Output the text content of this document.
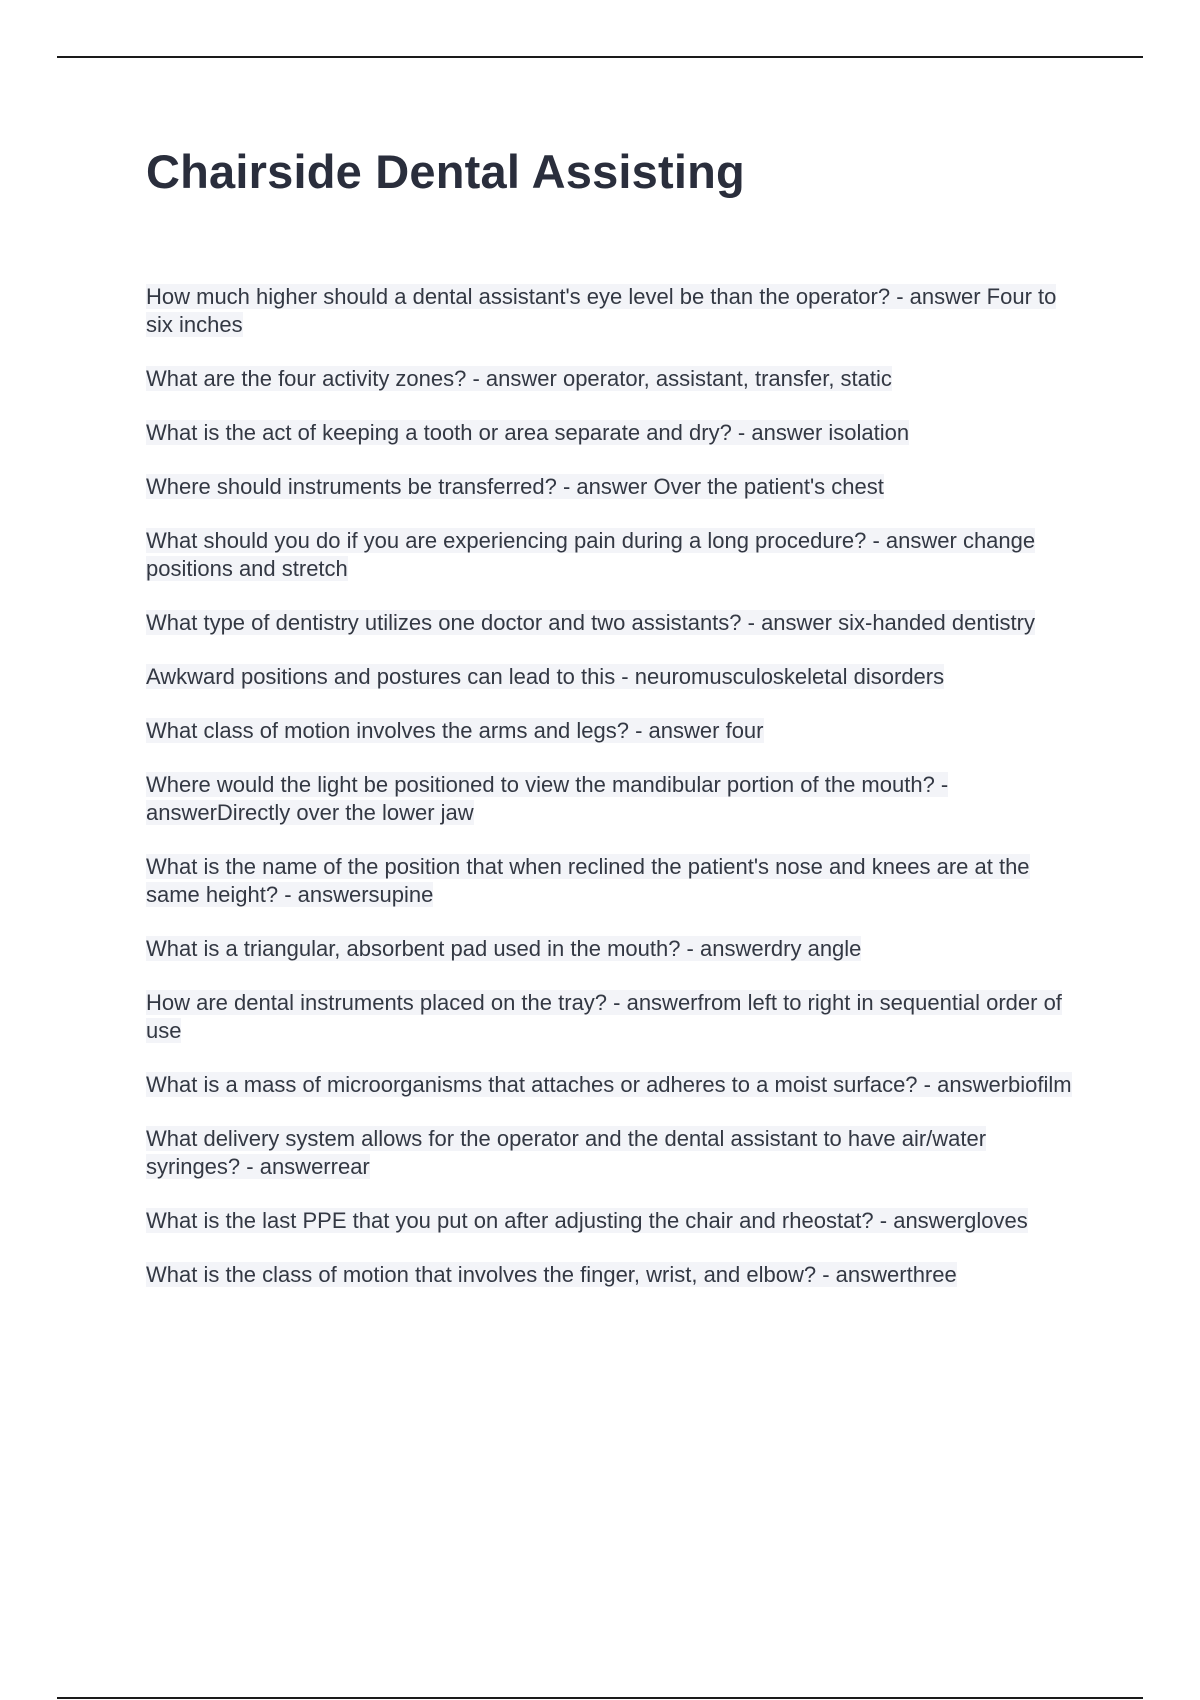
Chairside Dental Assisting
How much higher should a dental assistant's eye level be than the operator? - answer Four to six inches
What are the four activity zones? - answer operator, assistant, transfer, static
What is the act of keeping a tooth or area separate and dry? - answer isolation
Where should instruments be transferred? - answer Over the patient's chest
What should you do if you are experiencing pain during a long procedure? - answer change positions and stretch
What type of dentistry utilizes one doctor and two assistants? - answer six-handed dentistry
Awkward positions and postures can lead to this - neuromusculoskeletal disorders
What class of motion involves the arms and legs? - answer four
Where would the light be positioned to view the mandibular portion of the mouth? - answerDirectly over the lower jaw
What is the name of the position that when reclined the patient's nose and knees are at the same height? - answersupine
What is a triangular, absorbent pad used in the mouth? - answerdry angle
How are dental instruments placed on the tray? - answerfrom left to right in sequential order of use
What is a mass of microorganisms that attaches or adheres to a moist surface? - answerbiofilm
What delivery system allows for the operator and the dental assistant to have air/water syringes? - answerrear
What is the last PPE that you put on after adjusting the chair and rheostat? - answergloves
What is the class of motion that involves the finger, wrist, and elbow? - answerthree
